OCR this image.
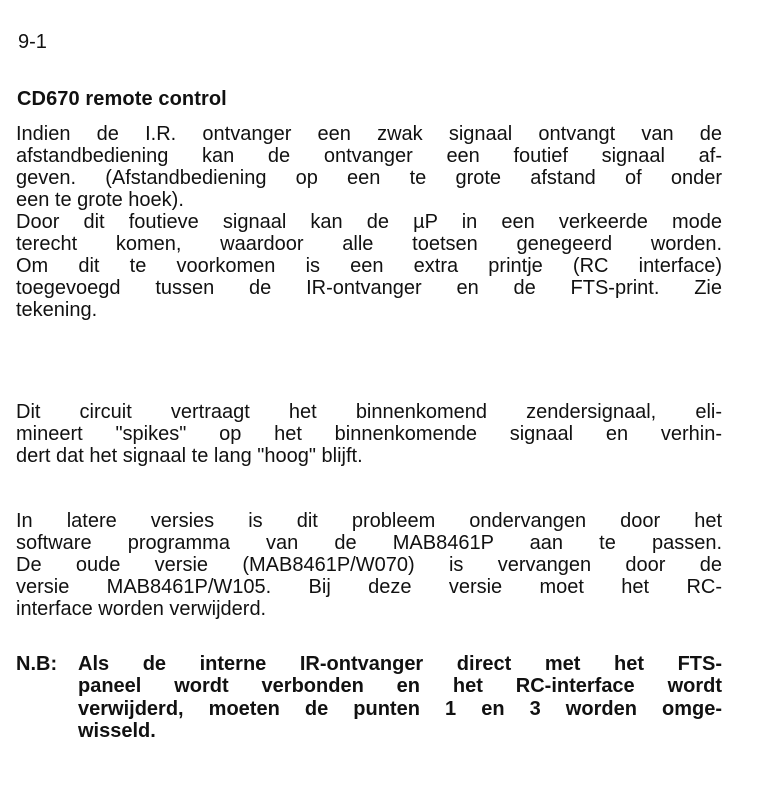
9-1
CD670 remote control
Indien de I.R. ontvanger een zwak signaal ontvangt van de
afstandbediening kan de ontvanger een foutief signaal af-
geven. (Afstandbediening op een te grote afstand of onder
een te grote hoek).
Door dit foutieve signaal kan de µP in een verkeerde mode
terecht komen, waardoor alle toetsen genegeerd worden.
Om dit te voorkomen is een extra printje (RC interface)
toegevoegd tussen de IR-ontvanger en de FTS-print. Zie
tekening.
Dit circuit vertraagt het binnenkomend zendersignaal, eli-
mineert "spikes" op het binnenkomende signaal en verhin-
dert dat het signaal te lang "hoog" blijft.
In latere versies is dit probleem ondervangen door het
software programma van de MAB8461P aan te passen.
De oude versie (MAB8461P/W070) is vervangen door de
versie MAB8461P/W105. Bij deze versie moet het RC-
interface worden verwijderd.
N.B: Als de interne IR-ontvanger direct met het FTS-
paneel wordt verbonden en het RC-interface wordt
verwijderd, moeten de punten 1 en 3 worden omge-
wisseld.
